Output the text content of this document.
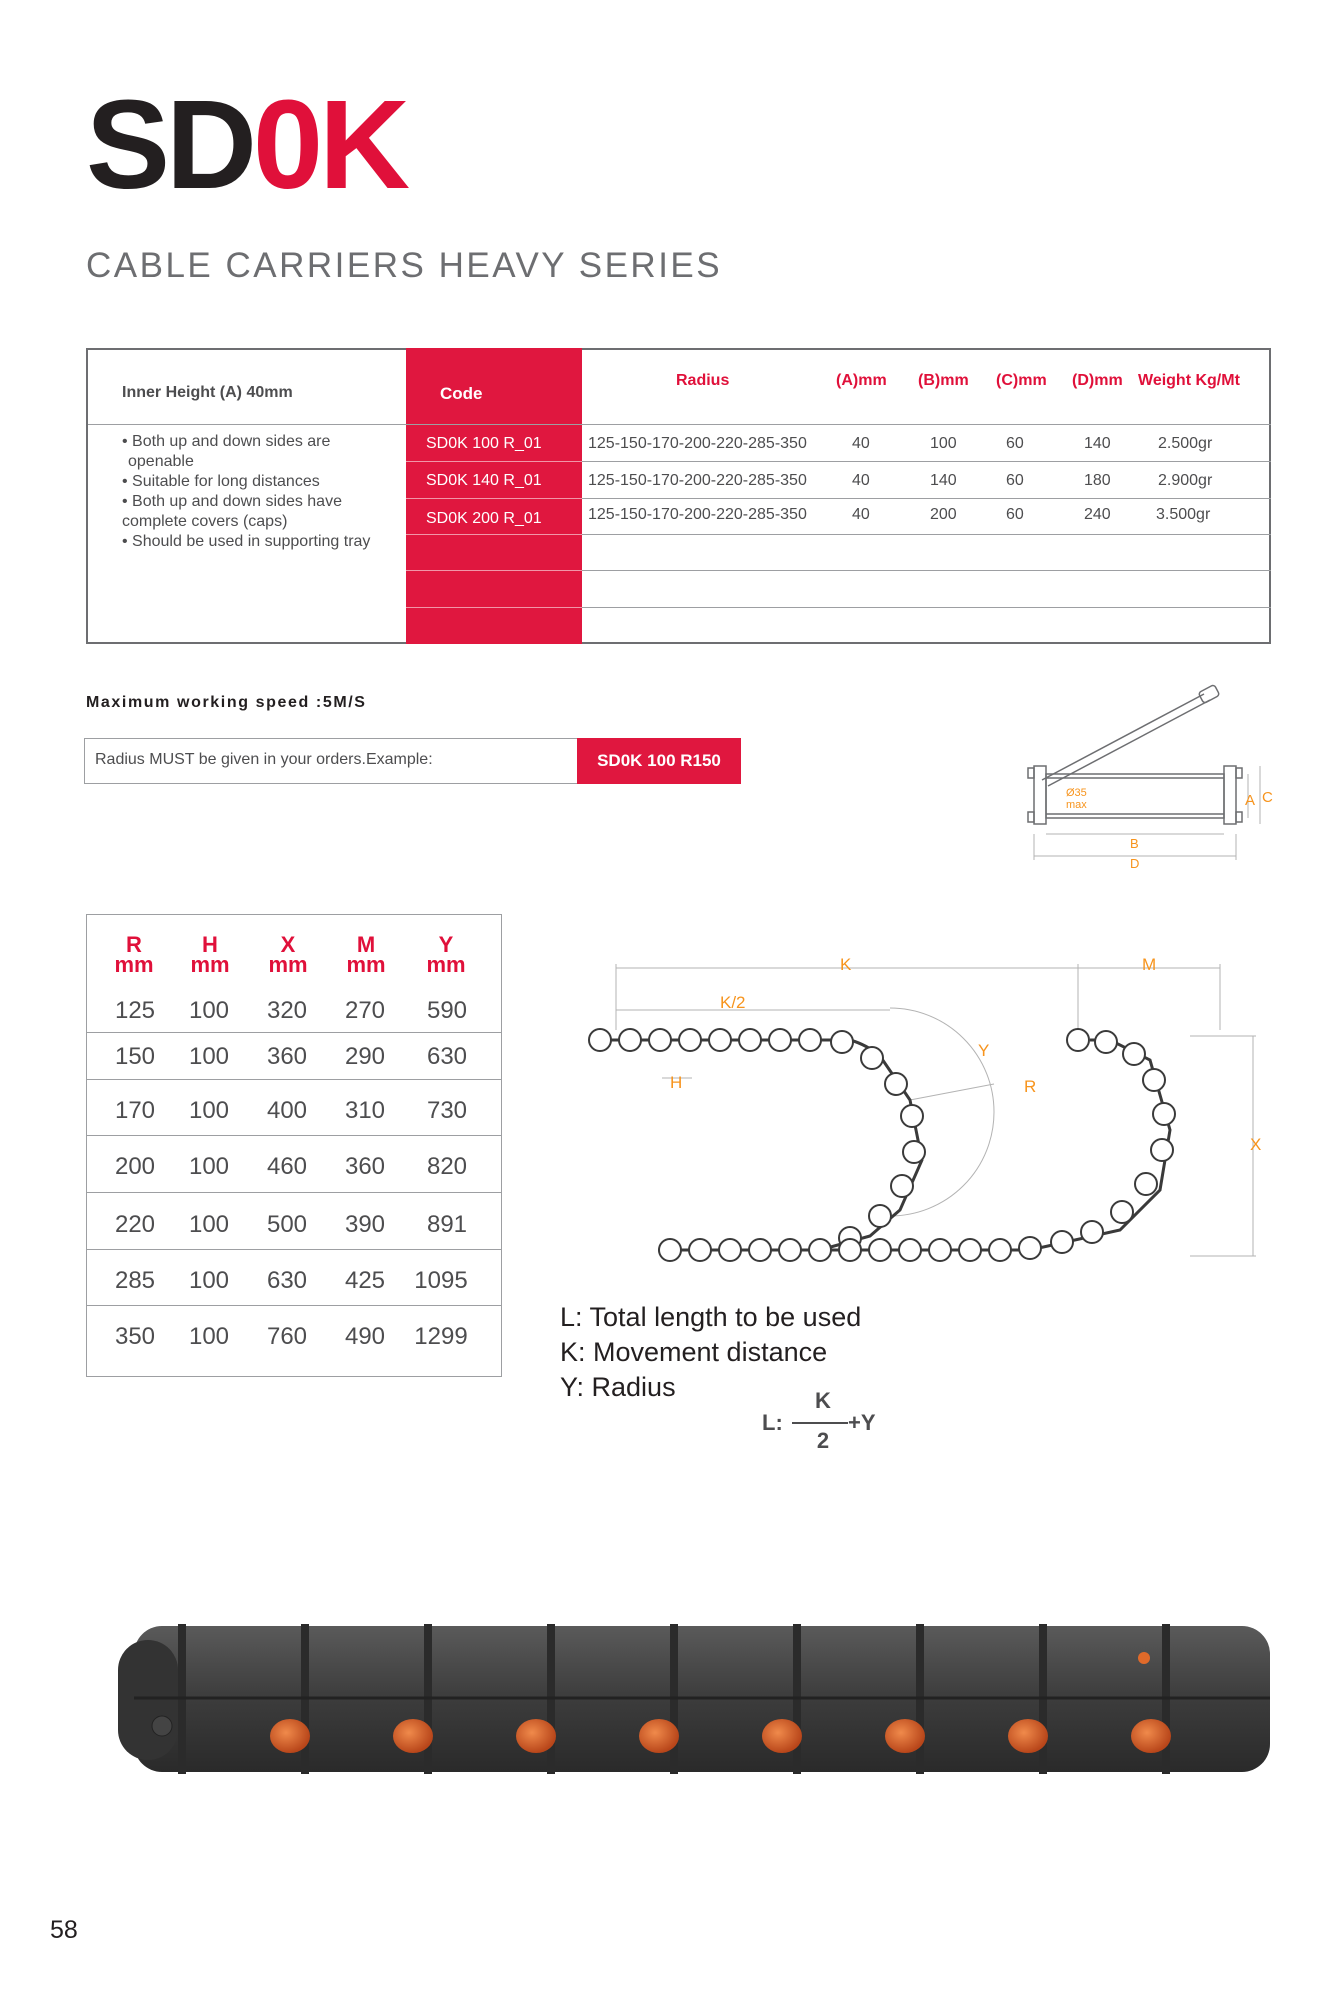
SD0K
CABLE CARRIERS HEAVY SERIES
Inner Height (A) 40mm
• Both up and down sides are
openable
• Suitable for long distances
• Both up and down sides have
complete covers (caps)
• Should be used in supporting tray
Code
Radius	(A)mm (B)mm (C)mm (D)mm Weight Kg/Mt
SD0K 100 R_01	125-150-170-200-220-285-350	40	100	60	140	2.500gr
SD0K 140 R_01	125-150-170-200-220-285-350	40	140	60	180	2.900gr
SD0K 200 R_01	125-150-170-200-220-285-350	40	200	60	240	3.500gr
Maximum working speed :5M/S
Radius MUST be given in your orders.Example:	SD0K 100 R150
Ø35
max	A C
B
D
R
mm
H
mm
X
mm
M
mm
Y
mm
125	100	320	270	590
150	100	360	290	630
170	100	400	310	730
200	100	460	360	820
220	100	500	390	891
285	100	630	425	1095
350	100	760	490	1299
K	M
K/2
Y
R
H
X
L: Total length to be used
K: Movement distance
Y: Radius
L:
K
2
+Y
58
